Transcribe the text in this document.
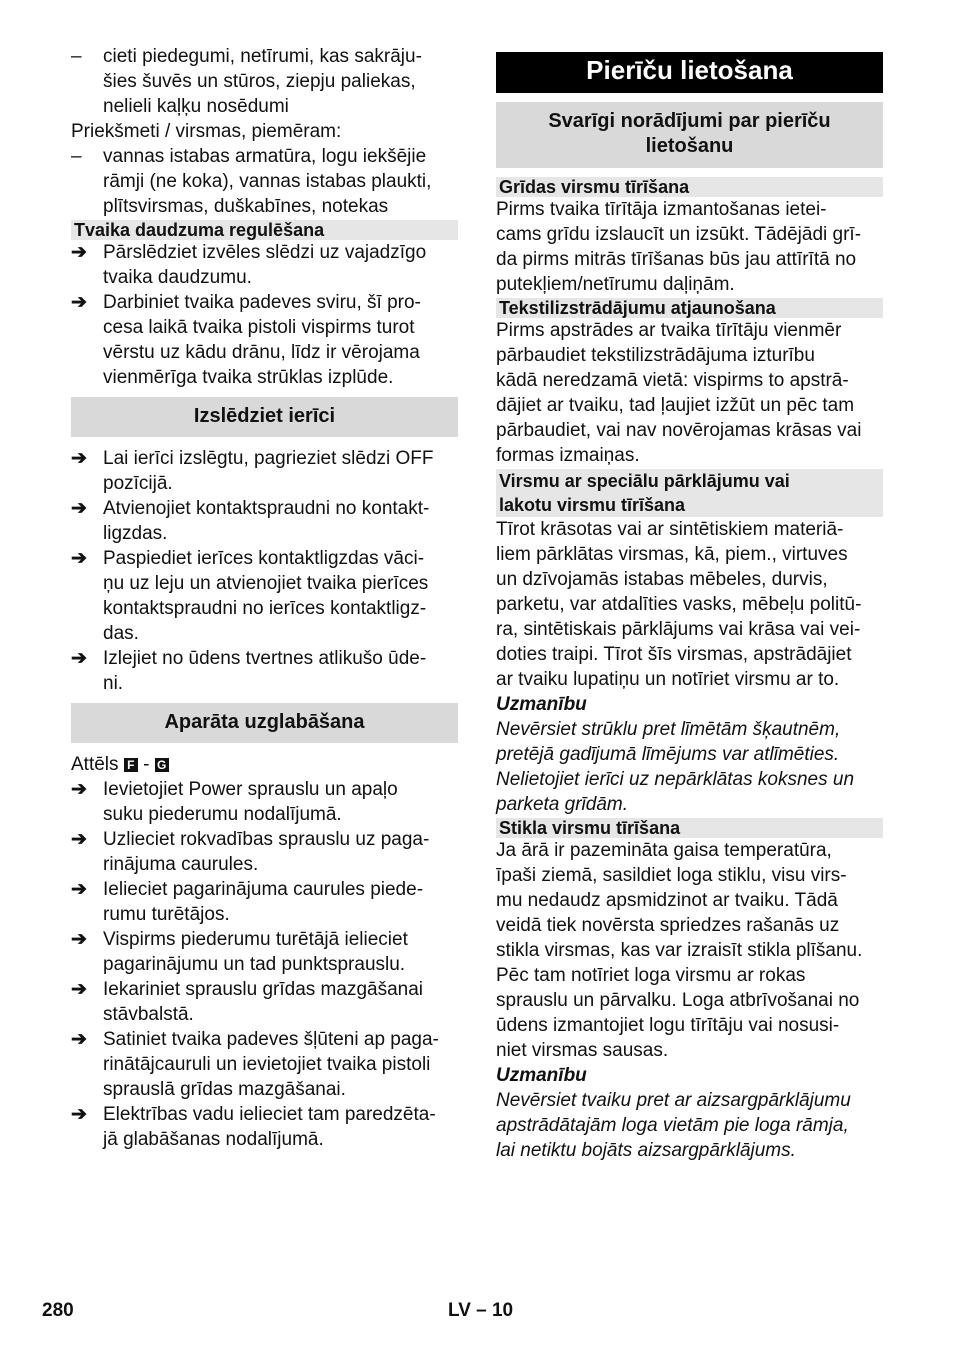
– cieti piedegumi, netīrumi, kas sakrāju-
šies šuvēs un stūros, ziepju paliekas,
nelieli kaļķu nosēdumi
Priekšmeti / virsmas, piemēram:
– vannas istabas armatūra, logu iekšējie
rāmji (ne koka), vannas istabas plaukti,
plītsvirsmas, duškabīnes, notekas
Tvaika daudzuma regulēšana
➔ Pārslēdziet izvēles slēdzi uz vajadzīgo
tvaika daudzumu.
➔ Darbiniet tvaika padeves sviru, šī pro-
cesa laikā tvaika pistoli vispirms turot
vērstu uz kādu drānu, līdz ir vērojama
vienmērīga tvaika strūklas izplūde.
Izslēdziet ierīci
➔ Lai ierīci izslēgtu, pagrieziet slēdzi OFF
pozīcijā.
➔ Atvienojiet kontaktspraudni no kontakt-
ligzdas.
➔ Paspiediet ierīces kontaktligzdas vāci-
ņu uz leju un atvienojiet tvaika pierīces
kontaktspraudni no ierīces kontaktligz-
das.
➔ Izlejiet no ūdens tvertnes atlikušo ūde-
ni.
Aparāta uzglabāšana
Attēls F - G
➔ Ievietojiet Power sprauslu un apaļo
suku piederumu nodalījumā.
➔ Uzlieciet rokvadības sprauslu uz paga-
rinājuma caurules.
➔ Ielieciet pagarinājuma caurules piede-
rumu turētājos.
➔ Vispirms piederumu turētājā ielieciet
pagarinājumu un tad punktsprauslu.
➔ Iekariniet sprauslu grīdas mazgāšanai
stāvbalstā.
➔ Satiniet tvaika padeves šļūteni ap paga-
rinātājcauruli un ievietojiet tvaika pistoli
sprauslā grīdas mazgāšanai.
➔ Elektrības vadu ielieciet tam paredzēta-
jā glabāšanas nodalījumā.
Pierīču lietošana
Svarīgi norādījumi par pierīču
lietošanu
Grīdas virsmu tīrīšana
Pirms tvaika tīrītāja izmantošanas ietei-
cams grīdu izslaucīt un izsūkt. Tādējādi grī-
da pirms mitrās tīrīšanas būs jau attīrītā no
putekļiem/netīrumu daļiņām.
Tekstilizstrādājumu atjaunošana
Pirms apstrādes ar tvaika tīrītāju vienmēr
pārbaudiet tekstilizstrādājuma izturību
kādā neredzamā vietā: vispirms to apstrā-
dājiet ar tvaiku, tad ļaujiet izžūt un pēc tam
pārbaudiet, vai nav novērojamas krāsas vai
formas izmaiņas.
Virsmu ar speciālu pārklājumu vai
lakotu virsmu tīrīšana
Tīrot krāsotas vai ar sintētiskiem materiā-
liem pārklātas virsmas, kā, piem., virtuves
un dzīvojamās istabas mēbeles, durvis,
parketu, var atdalīties vasks, mēbeļu politū-
ra, sintētiskais pārklājums vai krāsa vai vei-
doties traipi. Tīrot šīs virsmas, apstrādājiet
ar tvaiku lupatiņu un notīriet virsmu ar to.
Uzmanību
Nevērsiet strūklu pret līmētām šķautnēm,
pretējā gadījumā līmējums var atlīmēties.
Nelietojiet ierīci uz nepārklātas koksnes un
parketa grīdām.
Stikla virsmu tīrīšana
Ja ārā ir pazemināta gaisa temperatūra,
īpaši ziemā, sasildiet loga stiklu, visu virs-
mu nedaudz apsmidzinot ar tvaiku. Tādā
veidā tiek novērsta spriedzes rašanās uz
stikla virsmas, kas var izraisīt stikla plīšanu.
Pēc tam notīriet loga virsmu ar rokas
sprauslu un pārvalku. Loga atbrīvošanai no
ūdens izmantojiet logu tīrītāju vai nosusi-
niet virsmas sausas.
Uzmanību
Nevērsiet tvaiku pret ar aizsargpārklājumu
apstrādātajām loga vietām pie loga rāmja,
lai netiktu bojāts aizsargpārklājums.
280	LV – 10
